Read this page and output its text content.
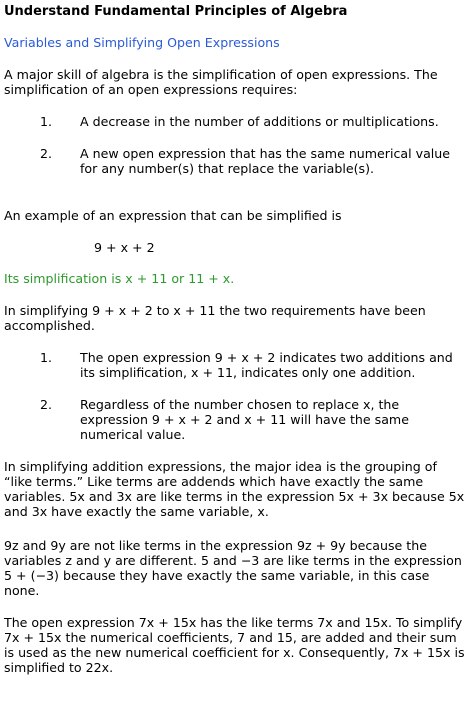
Understand Fundamental Principles of Algebra

Variables and Simplifying Open Expressions

A major skill of algebra is the simplification of open expressions. The simplification of an open expressions requires:

1. A decrease in the number of additions or multiplications.

2. A new open expression that has the same numerical value for any number(s) that replace the variable(s).

An example of an expression that can be simplified is

9 + x + 2

Its simplification is x + 11 or 11 + x.

In simplifying 9 + x + 2 to x + 11 the two requirements have been accomplished.

1. The open expression 9 + x + 2 indicates two additions and its simplification, x + 11, indicates only one addition.

2. Regardless of the number chosen to replace x, the expression 9 + x + 2 and x + 11 will have the same numerical value.

In simplifying addition expressions, the major idea is the grouping of “like terms.” Like terms are addends which have exactly the same variables. 5x and 3x are like terms in the expression 5x + 3x because 5x and 3x have exactly the same variable, x.

9z and 9y are not like terms in the expression 9z + 9y because the variables z and y are different. 5 and −3 are like terms in the expression 5 + (−3) because they have exactly the same variable, in this case none.

The open expression 7x + 15x has the like terms 7x and 15x. To simplify 7x + 15x the numerical coefficients, 7 and 15, are added and their sum is used as the new numerical coefficient for x. Consequently, 7x + 15x is simplified to 22x.
